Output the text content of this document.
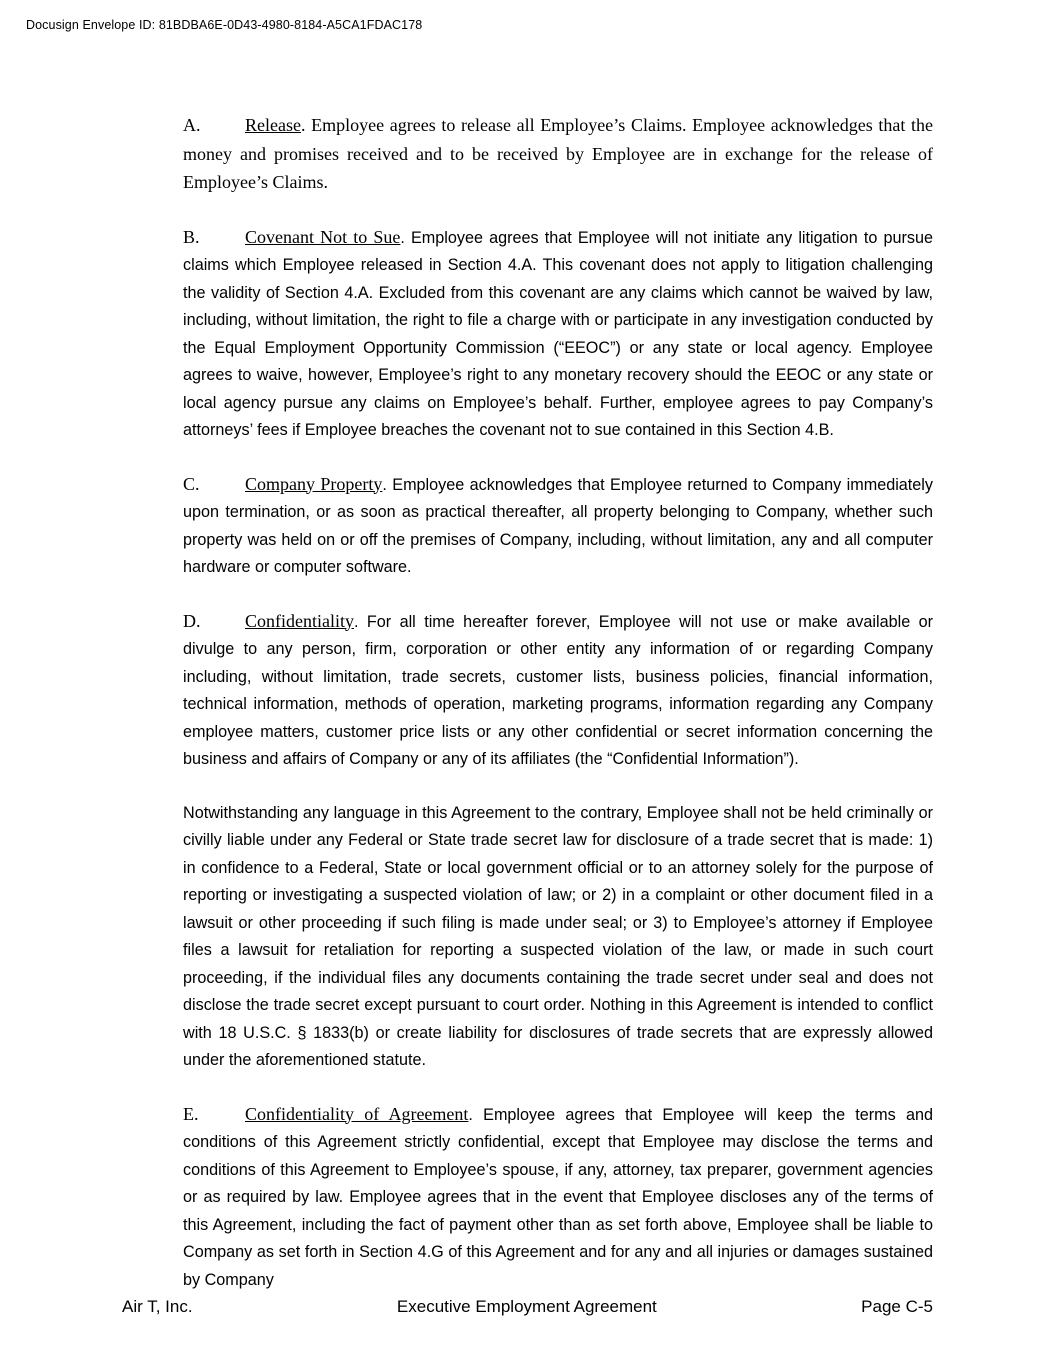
Docusign Envelope ID: 81BDBA6E-0D43-4980-8184-A5CA1FDAC178

A. Release. Employee agrees to release all Employee’s Claims. Employee acknowledges that the money and promises received and to be received by Employee are in exchange for the release of Employee’s Claims.

B.	Covenant Not to Sue. Employee agrees that Employee will not initiate any litigation to pursue claims which Employee released in Section 4.A. This covenant does not apply to litigation challenging the validity of Section 4.A. Excluded from this covenant are any claims which cannot be waived by law, including, without limitation, the right to file a charge with or participate in any investigation conducted by the Equal Employment Opportunity Commission (“EEOC”) or any state or local agency. Employee agrees to waive, however, Employee’s right to any monetary recovery should the EEOC or any state or local agency pursue any claims on Employee’s behalf. Further, employee agrees to pay Company’s attorneys’ fees if Employee breaches the covenant not to sue contained in this Section 4.B.

C.	Company Property. Employee acknowledges that Employee returned to Company immediately upon termination, or as soon as practical thereafter, all property belonging to Company, whether such property was held on or off the premises of Company, including, without limitation, any and all computer hardware or computer software.

D. Confidentiality. For all time hereafter forever, Employee will not use or make available or divulge to any person, firm, corporation or other entity any information of or regarding Company including, without limitation, trade secrets, customer lists, business policies, financial information, technical information, methods of operation, marketing programs, information regarding any Company employee matters, customer price lists or any other confidential or secret information concerning the business and affairs of Company or any of its affiliates (the “Confidential Information”).

Notwithstanding any language in this Agreement to the contrary, Employee shall not be held criminally or civilly liable under any Federal or State trade secret law for disclosure of a trade secret that is made: 1) in confidence to a Federal, State or local government official or to an attorney solely for the purpose of reporting or investigating a suspected violation of law; or 2) in a complaint or other document filed in a lawsuit or other proceeding if such filing is made under seal; or 3) to Employee’s attorney if Employee files a lawsuit for retaliation for reporting a suspected violation of the law, or made in such court proceeding, if the individual files any documents containing the trade secret under seal and does not disclose the trade secret except pursuant to court order. Nothing in this Agreement is intended to conflict with 18 U.S.C. § 1833(b) or create liability for disclosures of trade secrets that are expressly allowed under the aforementioned statute.

E.	Confidentiality of Agreement. Employee agrees that Employee will keep the terms and conditions of this Agreement strictly confidential, except that Employee may disclose the terms and conditions of this Agreement to Employee’s spouse, if any, attorney, tax preparer, government agencies or as required by law. Employee agrees that in the event that Employee discloses any of the terms of this Agreement, including the fact of payment other than as set forth above, Employee shall be liable to Company as set forth in Section 4.G of this Agreement and for any and all injuries or damages sustained by Company

Air T, Inc.	Executive Employment Agreement	Page C-5
